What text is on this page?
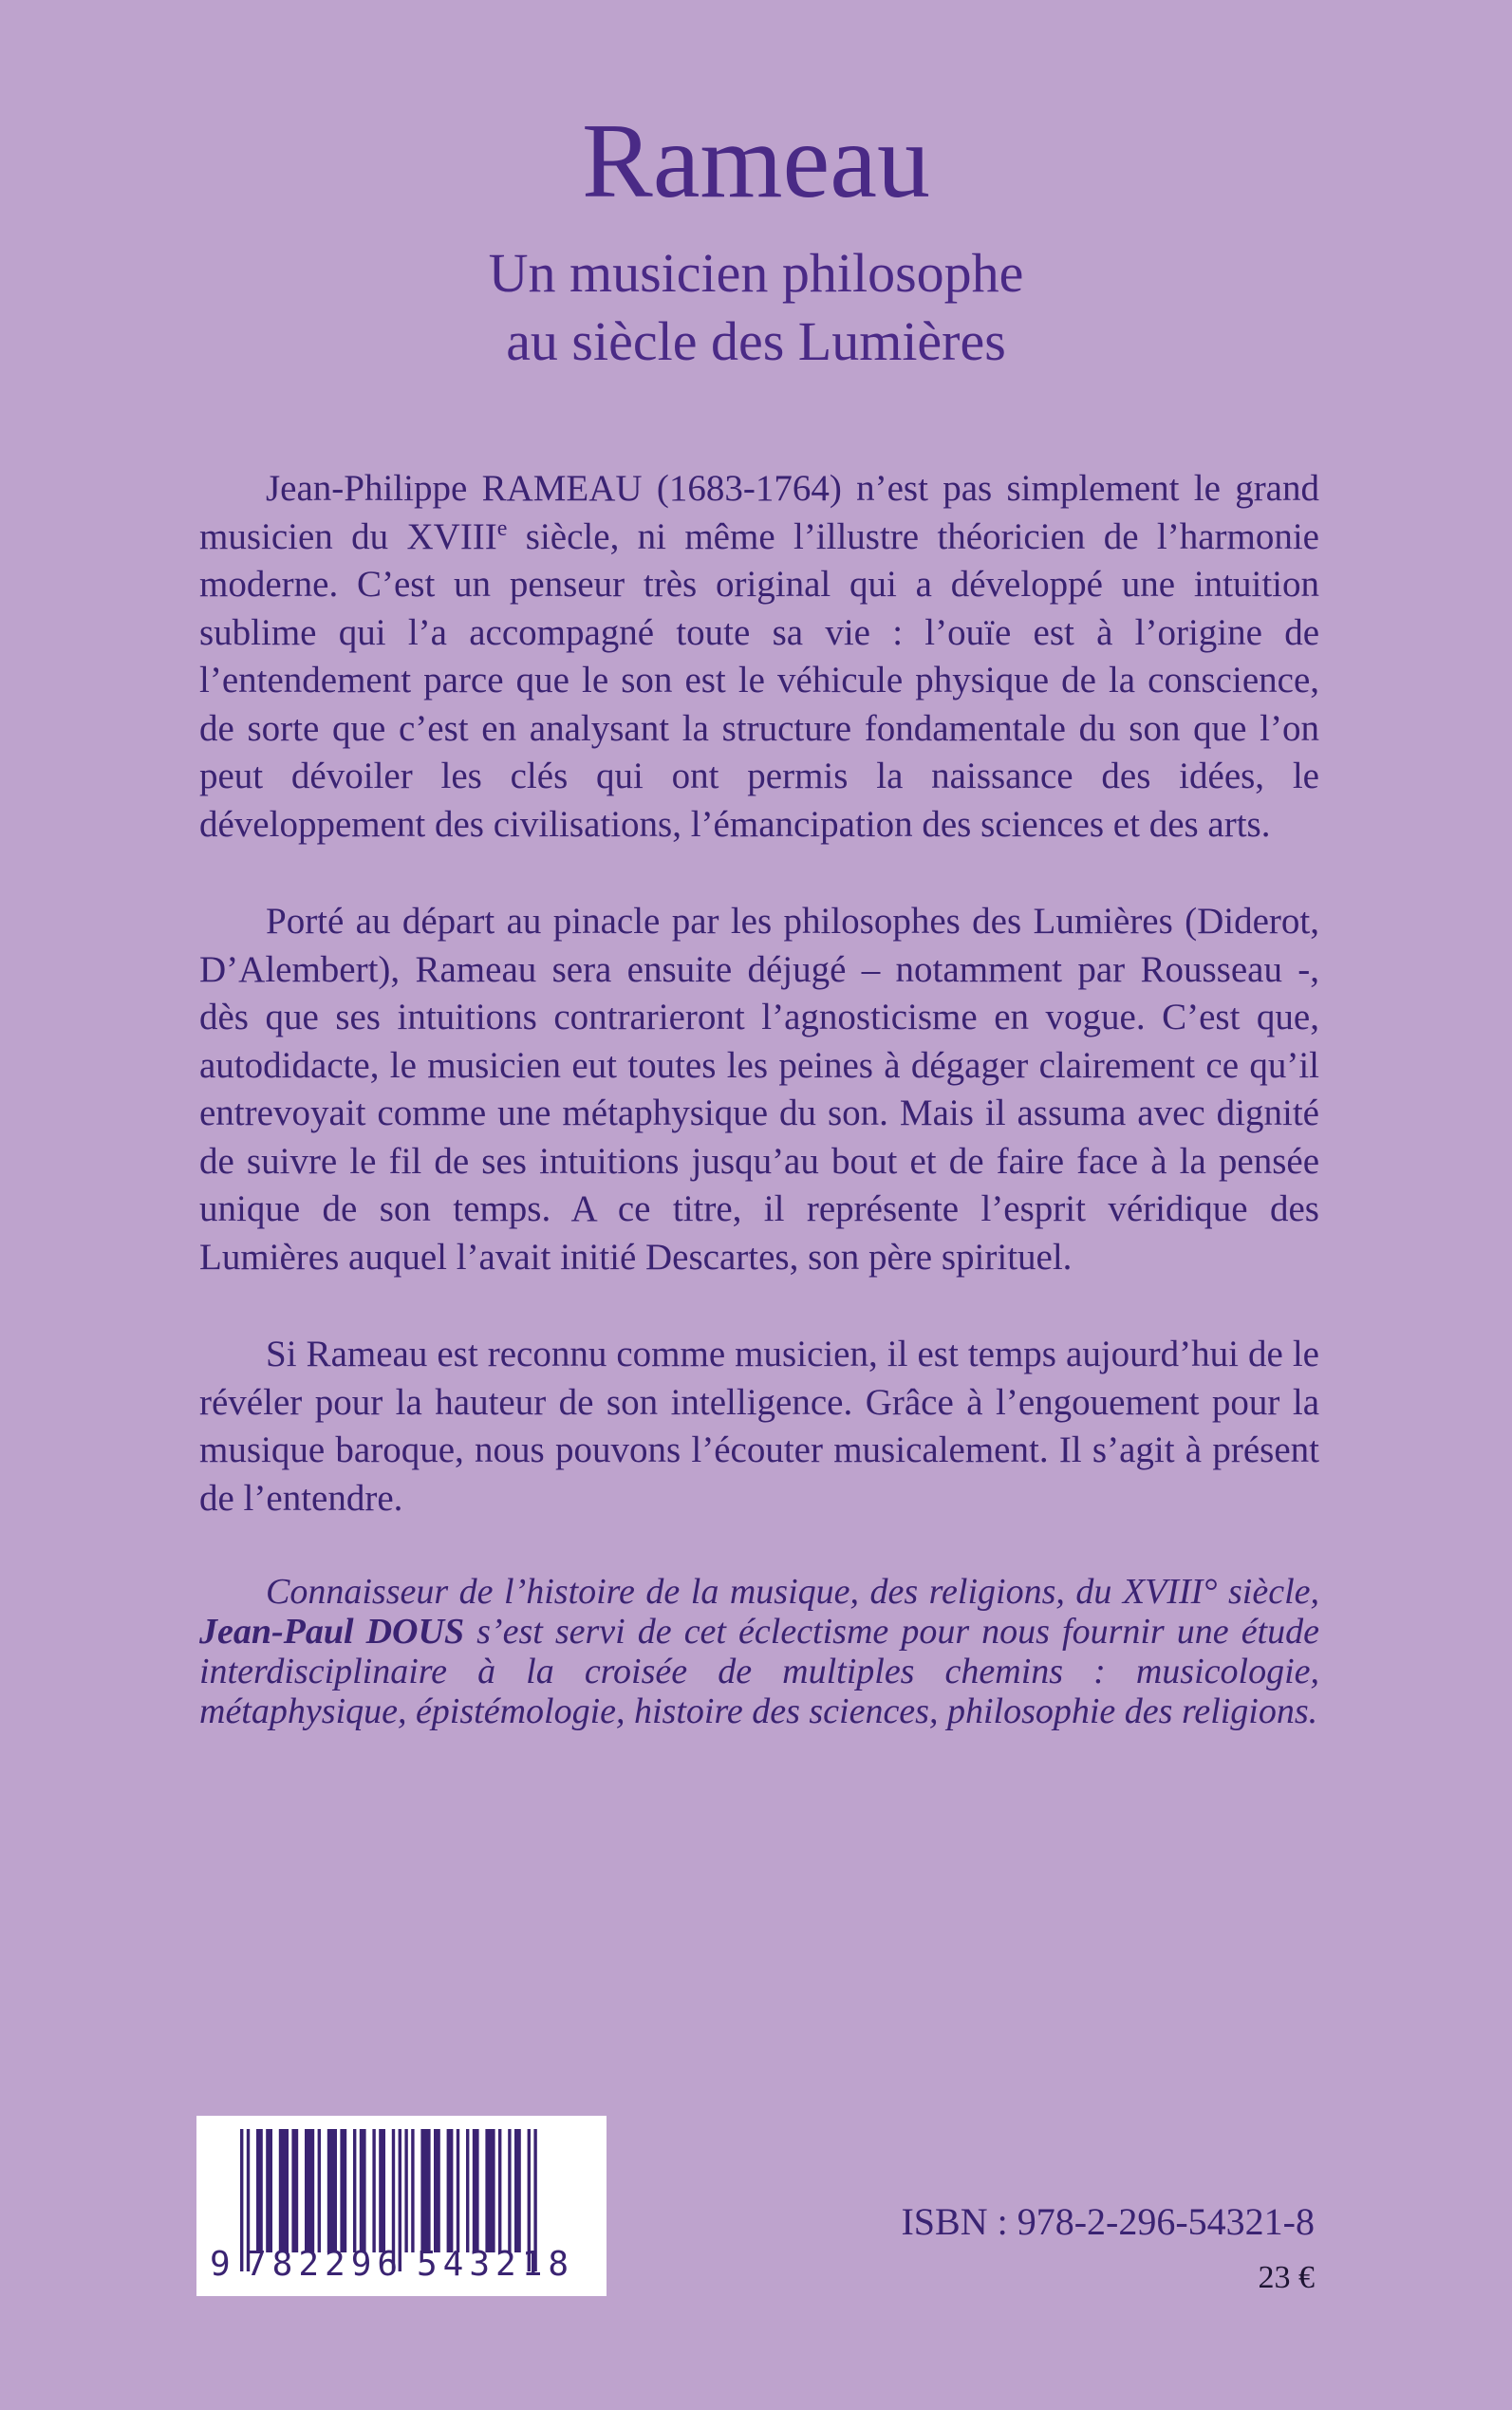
Rameau
Un musicien philosophe
au siècle des Lumières

Jean-Philippe RAMEAU (1683-1764) n’est pas simplement le grand musicien du XVIIIe siècle, ni même l’illustre théoricien de l’harmonie moderne. C’est un penseur très original qui a développé une intuition sublime qui l’a accompagné toute sa vie : l’ouïe est à l’origine de l’entendement parce que le son est le véhicule physique de la conscience, de sorte que c’est en analysant la structure fondamentale du son que l’on peut dévoiler les clés qui ont permis la naissance des idées, le développement des civilisations, l’émancipation des sciences et des arts.

Porté au départ au pinacle par les philosophes des Lumières (Diderot, D’Alembert), Rameau sera ensuite déjugé – notamment par Rousseau -, dès que ses intuitions contrarieront l’agnosticisme en vogue. C’est que, autodidacte, le musicien eut toutes les peines à dégager clairement ce qu’il entrevoyait comme une métaphysique du son. Mais il assuma avec dignité de suivre le fil de ses intuitions jusqu’au bout et de faire face à la pensée unique de son temps. A ce titre, il représente l’esprit véridique des Lumières auquel l’avait initié Descartes, son père spirituel.

Si Rameau est reconnu comme musicien, il est temps aujourd’hui de le révéler pour la hauteur de son intelligence. Grâce à l’engouement pour la musique baroque, nous pouvons l’écouter musicalement. Il s’agit à présent de l’entendre.

Connaisseur de l’histoire de la musique, des religions, du XVIII° siècle, Jean-Paul DOUS s’est servi de cet éclectisme pour nous fournir une étude interdisciplinaire à la croisée de multiples chemins : musicologie, métaphysique, épistémologie, histoire des sciences, philosophie des religions.

9 782296 543218
ISBN : 978-2-296-54321-8
23 €
